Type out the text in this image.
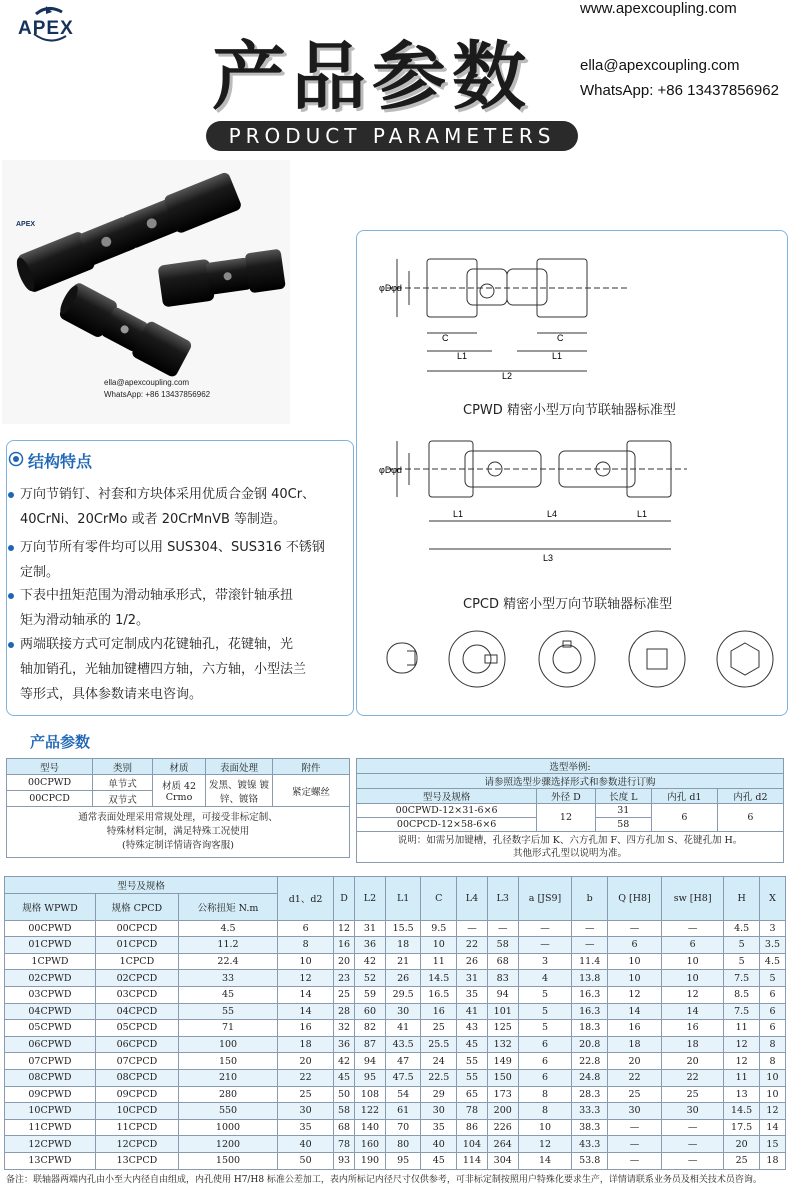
APEX
www.apexcoupling.com
产品参数	ella@apexcoupling.com
WhatsApp: +86 13437856962
PRODUCT PARAMETERS
APEX
ella@apexcoupling.com
WhatsApp: +86 13437856962
结构特点
万向节销钉、衬套和方块体采用优质合金钢 40Cr、
40CrNi、20CrMo 或者 20CrMnVB 等制造。
万向节所有零件均可以用 SUS304、SUS316 不锈钢
定制。
下表中扭矩范围为滑动轴承形式，带滚针轴承扭
矩为滑动轴承的 1/2。
两端联接方式可定制成内花键轴孔，花键轴，光
轴加销孔，光轴加键槽四方轴，六方轴，小型法兰
等形式，具体参数请来电咨询。
φD φd
C
L1
L2
C
L1
φD φd
L1	L4	L1
L3
CPWD 精密小型万向节联轴器标准型
CPCD 精密小型万向节联轴器标准型
产品参数
型号	类别	材质	表面处理	附件
00CPWD	单节式	材质 42 Crmo	发黑、镀镍 镀锌、镀铬	紧定螺丝
00CPCD	双节式			

通常表面处理采用常规处理，可接受非标定制、
特殊材料定制，满足特殊工况使用
(特殊定制详情请咨询客服)				
选型举例:				
请参照选型步骤选择形式和参数进行订购				
型号及规格	外径 D	长度 L	内孔 d1	内孔 d2
00CPWD-12×31-6×6	12	31	6	6
00CPCD-12×58-6×6		58		

说明：如需另加键槽，孔径数字后加 K、六方孔加 F、四方孔加 S、花键孔加 H。
其他形式孔型以说明为准。				
型号及规格			d1、d2	D	L2	L1	C	L4	L3	a [JS9]	b	Q [H8]	sw [H8]	H	X
规格 WPWD	规格 CPCD	公称扭矩 N.m													
00CPWD	00CPCD	4.5	6	12	31	15.5	9.5	—	—	—	—	—	—	4.5	3
01CPWD	01CPCD	11.2	8	16	36	18	10	22	58	—	—	6	6	5	3.5
1CPWD	1CPCD	22.4	10	20	42	21	11	26	68	3	11.4	10	10	5	4.5
02CPWD	02CPCD	33	12	23	52	26	14.5	31	83	4	13.8	10	10	7.5	5
03CPWD	03CPCD	45	14	25	59	29.5	16.5	35	94	5	16.3	12	12	8.5	6
04CPWD	04CPCD	55	14	28	60	30	16	41	101	5	16.3	14	14	7.5	6
05CPWD	05CPCD	71	16	32	82	41	25	43	125	5	18.3	16	16	11	6
06CPWD	06CPCD	100	18	36	87	43.5	25.5	45	132	6	20.8	18	18	12	8
07CPWD	07CPCD	150	20	42	94	47	24	55	149	6	22.8	20	20	12	8
08CPWD	08CPCD	210	22	45	95	47.5	22.5	55	150	6	24.8	22	22	11	10
09CPWD	09CPCD	280	25	50	108	54	29	65	173	8	28.3	25	25	13	10
10CPWD	10CPCD	550	30	58	122	61	30	78	200	8	33.3	30	30	14.5	12
11CPWD	11CPCD	1000	35	68	140	70	35	86	226	10	38.3	—	—	17.5	14
12CPWD	12CPCD	1200	40	78	160	80	40	104	264	12	43.3	—	—	20	15
13CPWD	13CPCD	1500	50	93	190	95	45	114	304	14	53.8	—	—	25	18
备注：联轴器两端内孔由小至大内径自由组成，内孔使用 H7/H8 标准公差加工，表内所标记内径尺寸仅供参考，可非标定制按照用户特殊化要求生产，详情请联系业务员及相关技术员咨询。
